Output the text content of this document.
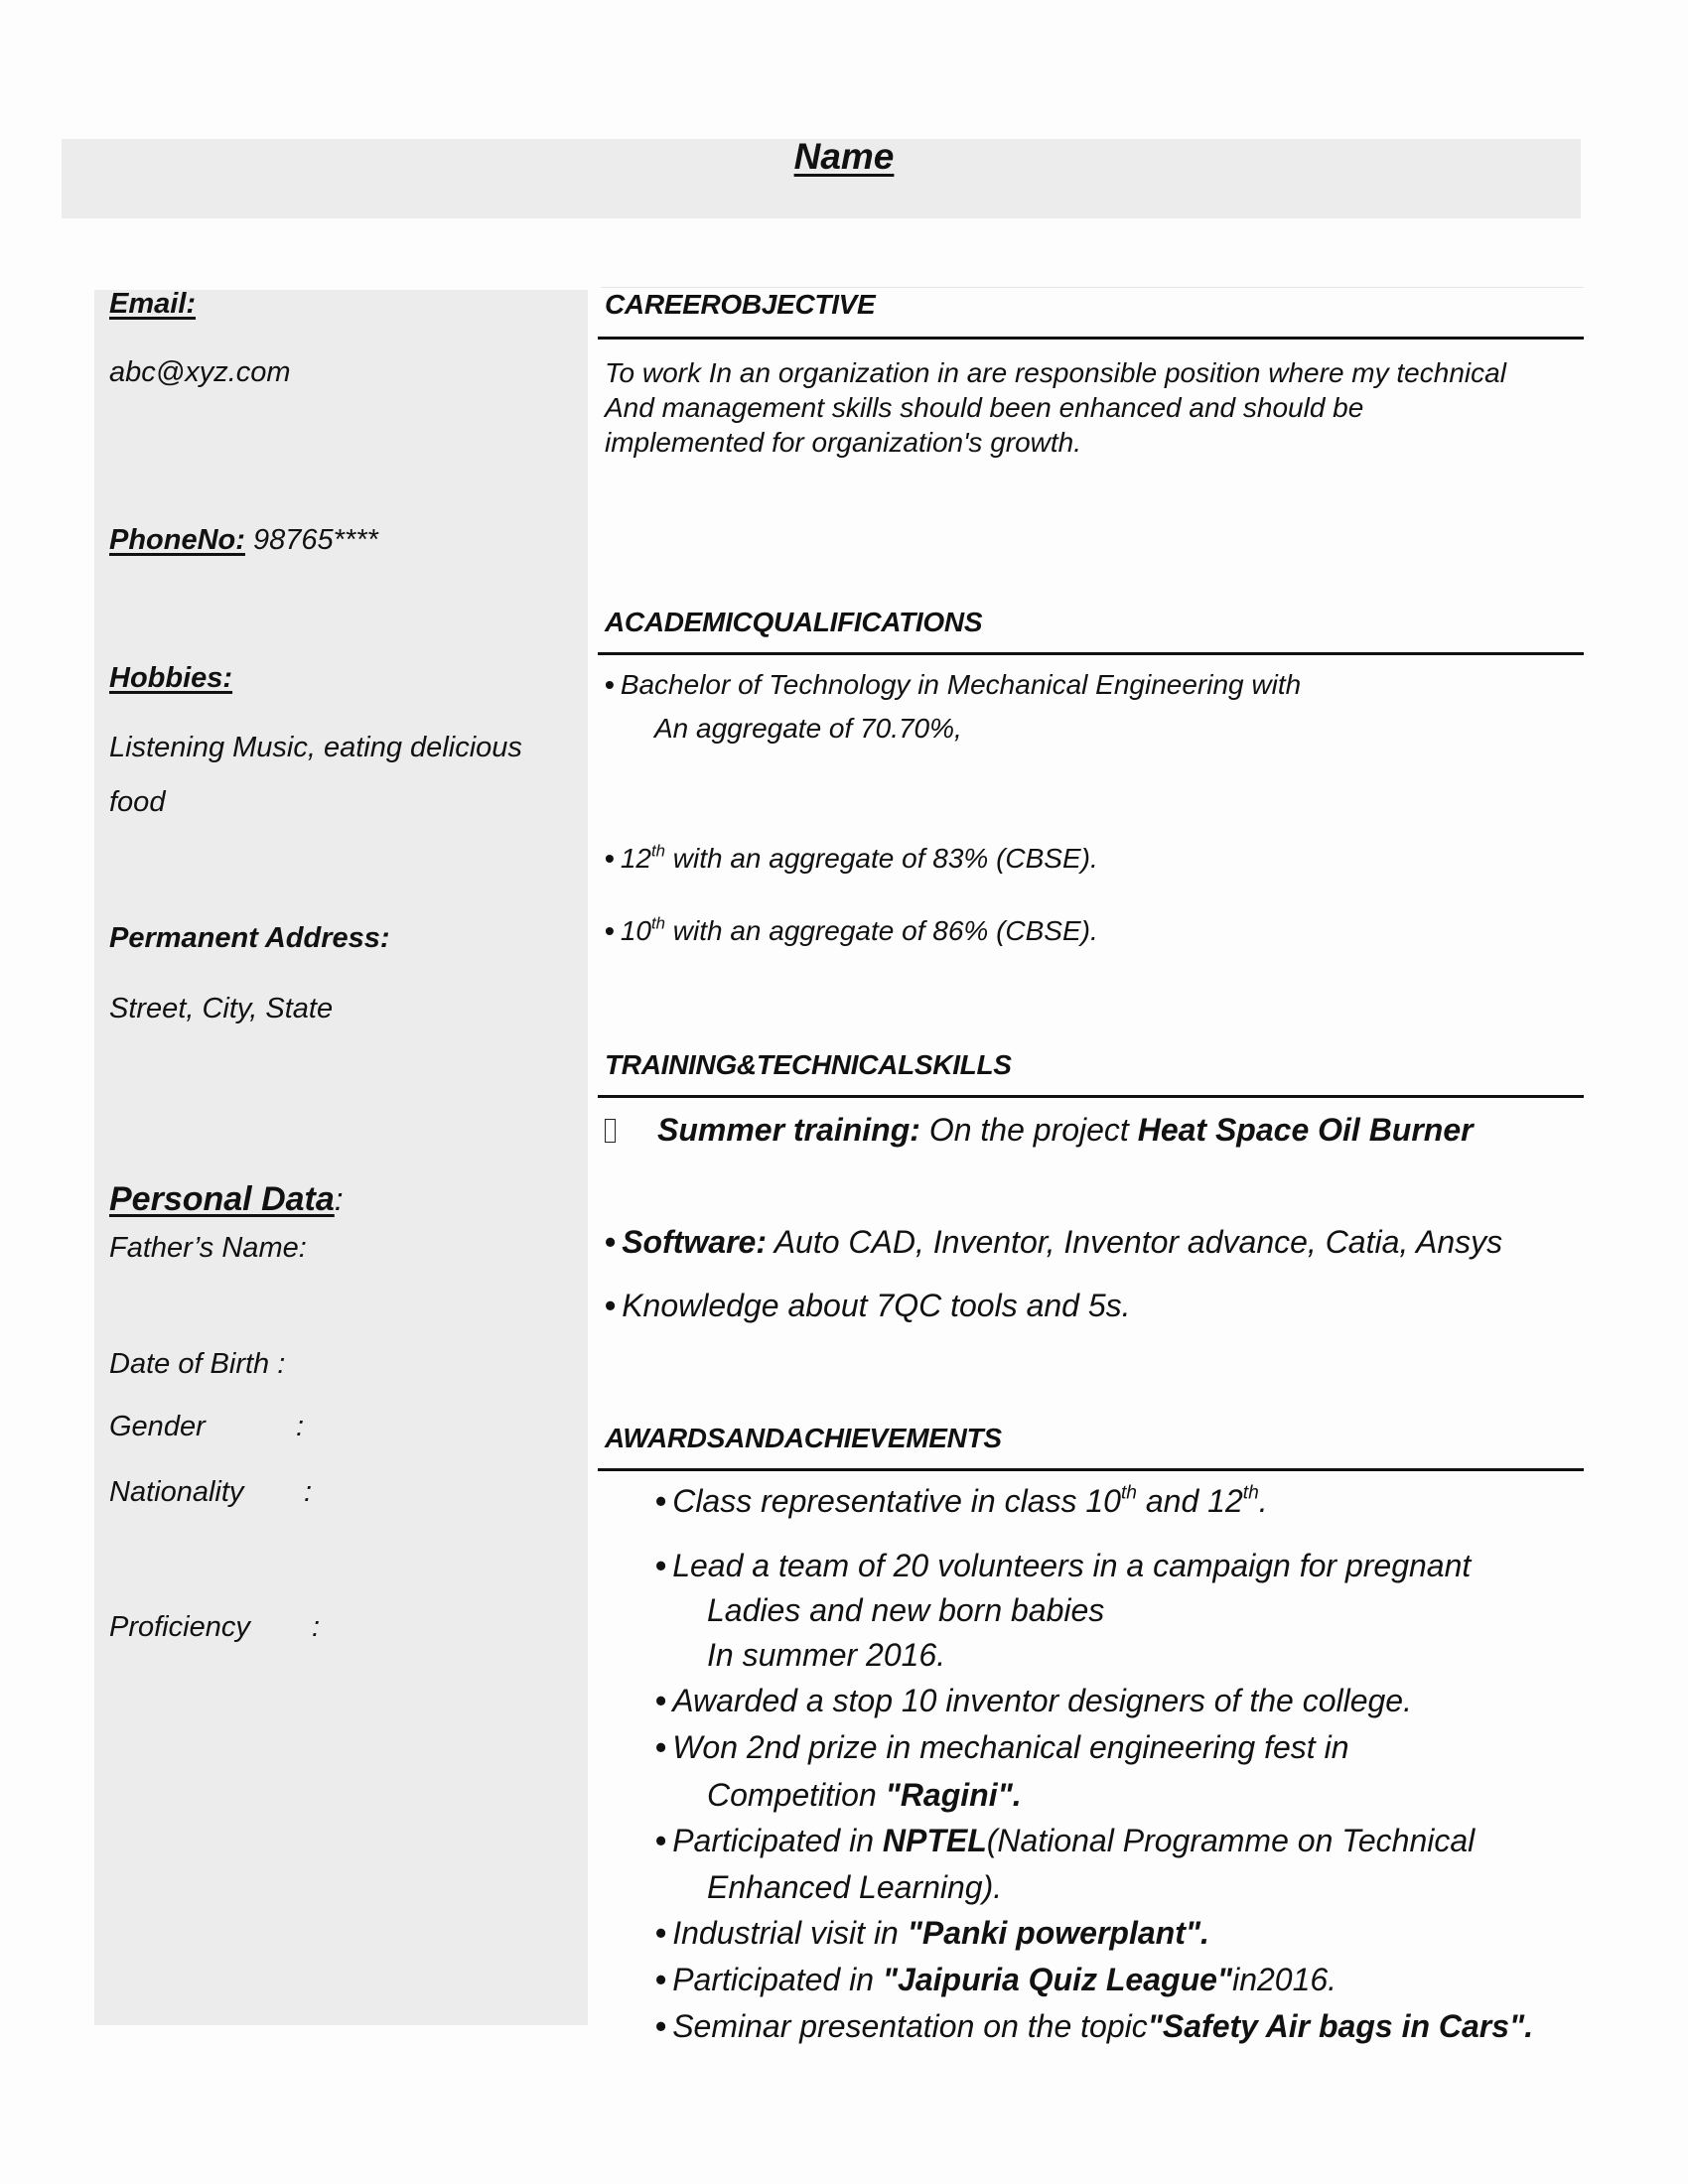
Name
Email:
abc@xyz.com
PhoneNo: 98765****
Hobbies:
Listening Music, eating delicious
food
Permanent Address:
Street, City, State
Personal Data:
Father’s Name:
Date of Birth :
Gender	:
Nationality :
Proficiency :
CAREEROBJECTIVE
To work In an organization in are responsible position where my technical
And management skills should been enhanced and should be
implemented for organization's growth.
ACADEMICQUALIFICATIONS
• Bachelor of Technology in Mechanical Engineering with
An aggregate of 70.70%,
• 12th with an aggregate of 83% (CBSE).
• 10th with an aggregate of 86% (CBSE).
TRAINING&TECHNICALSKILLS
Summer training: On the project Heat Space Oil Burner
• Software: Auto CAD, Inventor, Inventor advance, Catia, Ansys
• Knowledge about 7QC tools and 5s.
AWARDSANDACHIEVEMENTS
• Class representative in class 10th and 12th.
• Lead a team of 20 volunteers in a campaign for pregnant
Ladies and new born babies
In summer 2016.
• Awarded a stop 10 inventor designers of the college.
• Won 2nd prize in mechanical engineering fest in
Competition "Ragini".
• Participated in NPTEL(National Programme on Technical
Enhanced Learning).
• Industrial visit in "Panki powerplant".
• Participated in "Jaipuria Quiz League"in2016.
• Seminar presentation on the topic"Safety Air bags in Cars".
